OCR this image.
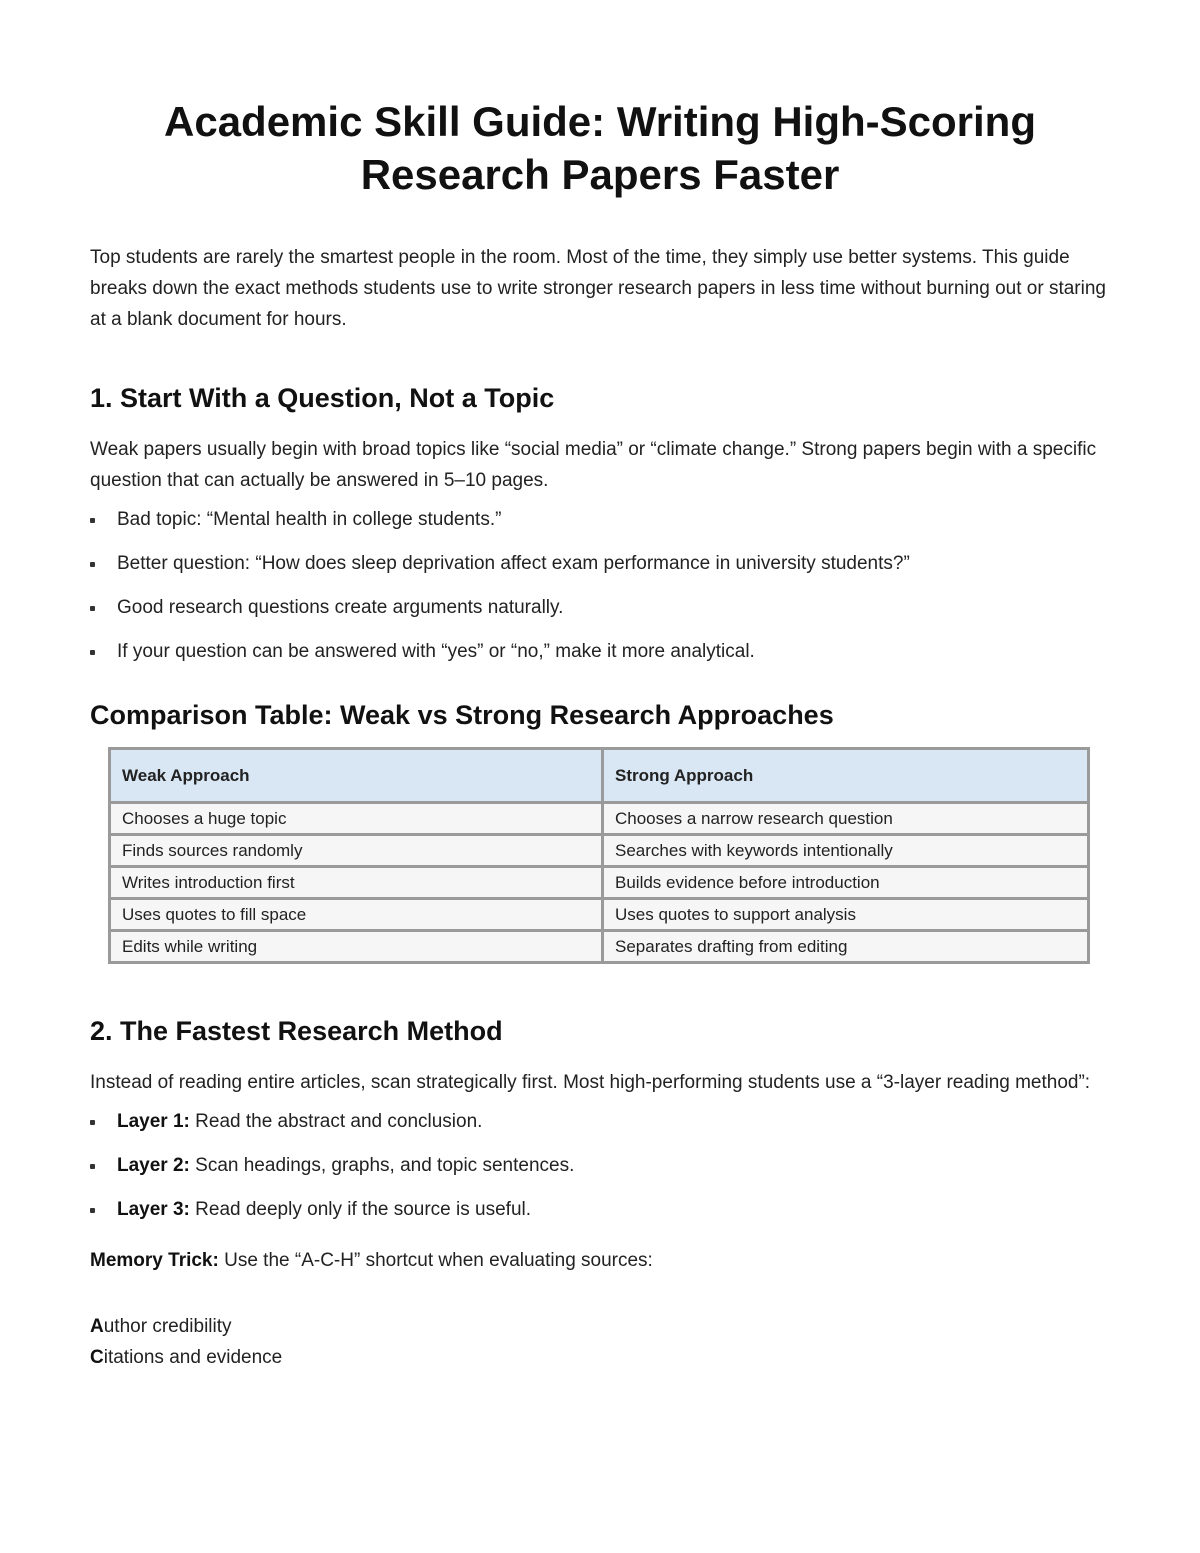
Academic Skill Guide: Writing High-Scoring
Research Papers Faster

Top students are rarely the smartest people in the room. Most of the time, they simply use better systems. This guide breaks down the exact methods students use to write stronger research papers in less time without burning out or staring at a blank document for hours.

1. Start With a Question, Not a Topic

Weak papers usually begin with broad topics like “social media” or “climate change.” Strong papers begin with a specific question that can actually be answered in 5–10 pages.

Bad topic: “Mental health in college students.”
Better question: “How does sleep deprivation affect exam performance in university students?”
Good research questions create arguments naturally.
If your question can be answered with “yes” or “no,” make it more analytical.
Comparison Table: Weak vs Strong Research Approaches
Weak Approach	Strong Approach
Chooses a huge topic	Chooses a narrow research question
Finds sources randomly	Searches with keywords intentionally
Writes introduction first	Builds evidence before introduction
Uses quotes to fill space	Uses quotes to support analysis
Edits while writing	Separates drafting from editing
2. The Fastest Research Method

Instead of reading entire articles, scan strategically first. Most high-performing students use a “3-layer reading method”:

Layer 1: Read the abstract and conclusion.
Layer 2: Scan headings, graphs, and topic sentences.
Layer 3: Read deeply only if the source is useful.
Memory Trick: Use the “A-C-H” shortcut when evaluating sources:
Author credibility
Citations and evidence
